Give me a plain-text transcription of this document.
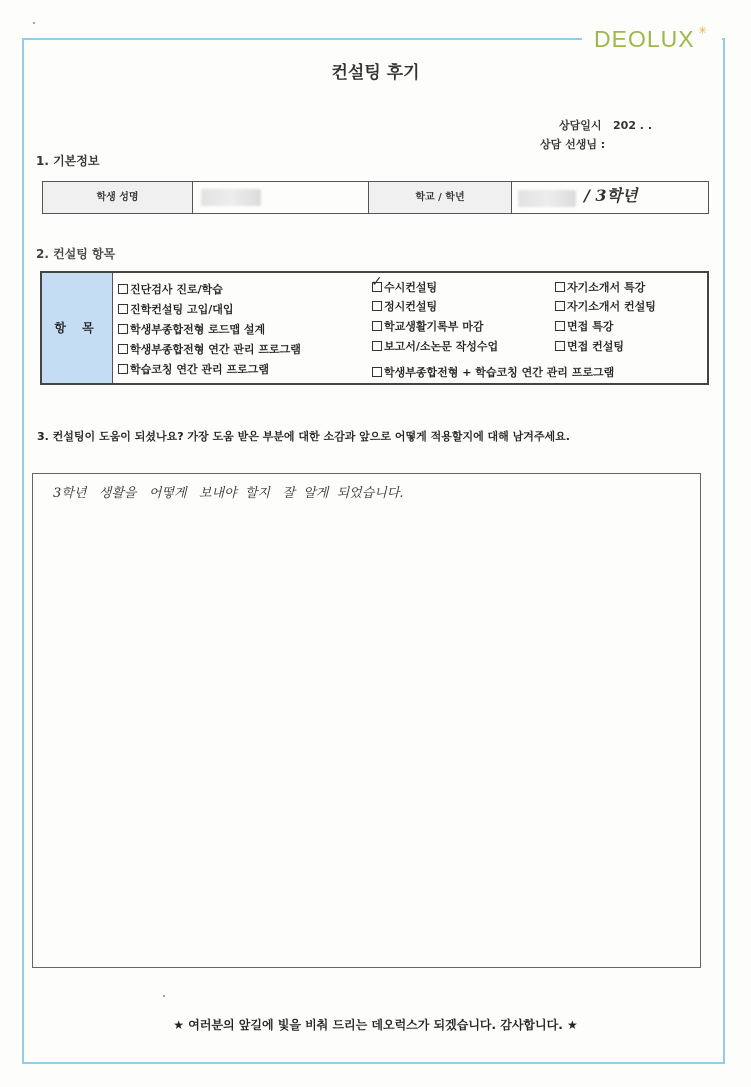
DEOLUX ✳
컨설팅 후기
상담일시 202 . .
상담 선생님 :
1. 기본정보
학생 성명	학교 / 학년	/ 3학년
2. 컨설팅 항목
항 목
진단검사 진로/학습
진학컨설팅 고입/대입
학생부종합전형 로드맵 설계
학생부종합전형 연간 관리 프로그램
학습코칭 연간 관리 프로그램
✓ 수시컨설팅
정시컨설팅
학교생활기록부 마감
보고서/소논문 작성수업
학생부종합전형 + 학습코칭 연간 관리 프로그램
자기소개서 특강
자기소개서 컨설팅
면접 특강
면접 컨설팅
3. 컨설팅이 도움이 되셨나요? 가장 도움 받은 부분에 대한 소감과 앞으로 어떻게 적용할지에 대해 남겨주세요.
3학년   생활을   어떻게   보내야  할지   잘  알게  되었습니다.
★ 여러분의 앞길에 빛을 비춰 드리는 데오럭스가 되겠습니다. 감사합니다. ★
